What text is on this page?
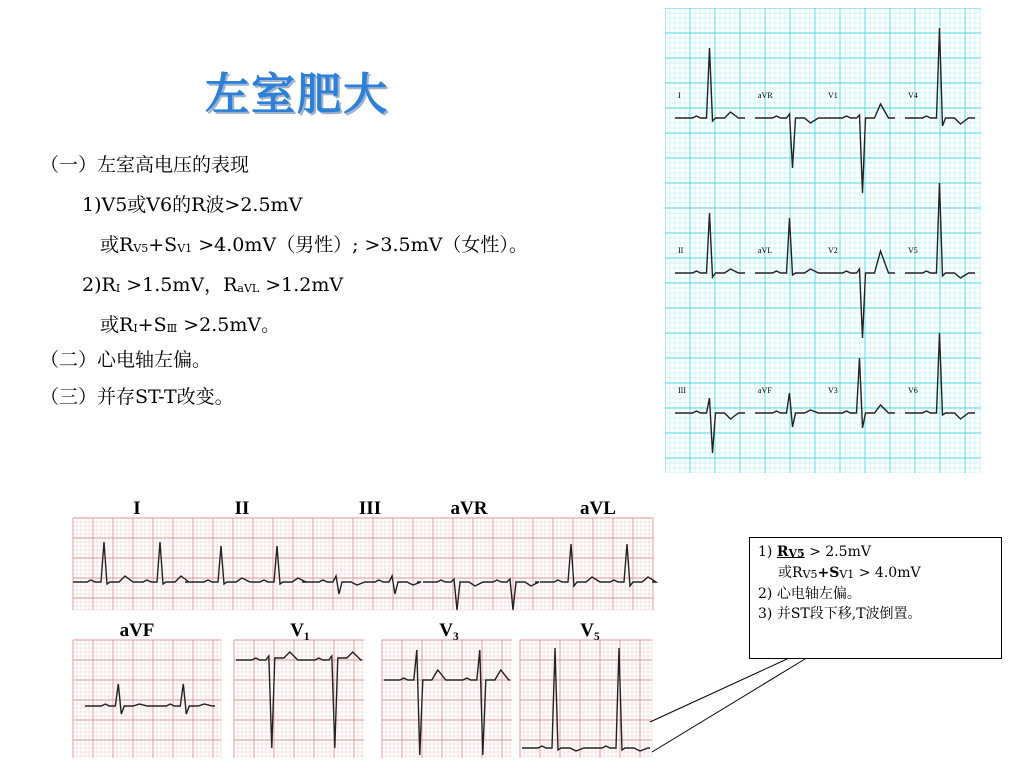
左室肥大
（一）左室高电压的表现
1)V5或V6的R波>2.5mV
或$R_{V5}+S_{V1} >4.0mV$（男性）; >3.5mV（女性）。
$2)R_I >1.5mV$，$R_{aVL} >1.2mV$
或$R_I+S_Ⅲ >2.5mV$。
（二）心电轴左偏。
（三）并存ST-T改变。
I	aVR	V1	V4
II	aVL	V2	V5
III	aVF	V3	V6
I	II	III	aVR	aVL
aVF	V₁	V₃	V₅
1) $R_{V5} > 2.5mV$
或$R_{V5}+S_{V1} > 4.0mV$
2) 心电轴左偏。
3) 并ST段下移,T波倒置。
